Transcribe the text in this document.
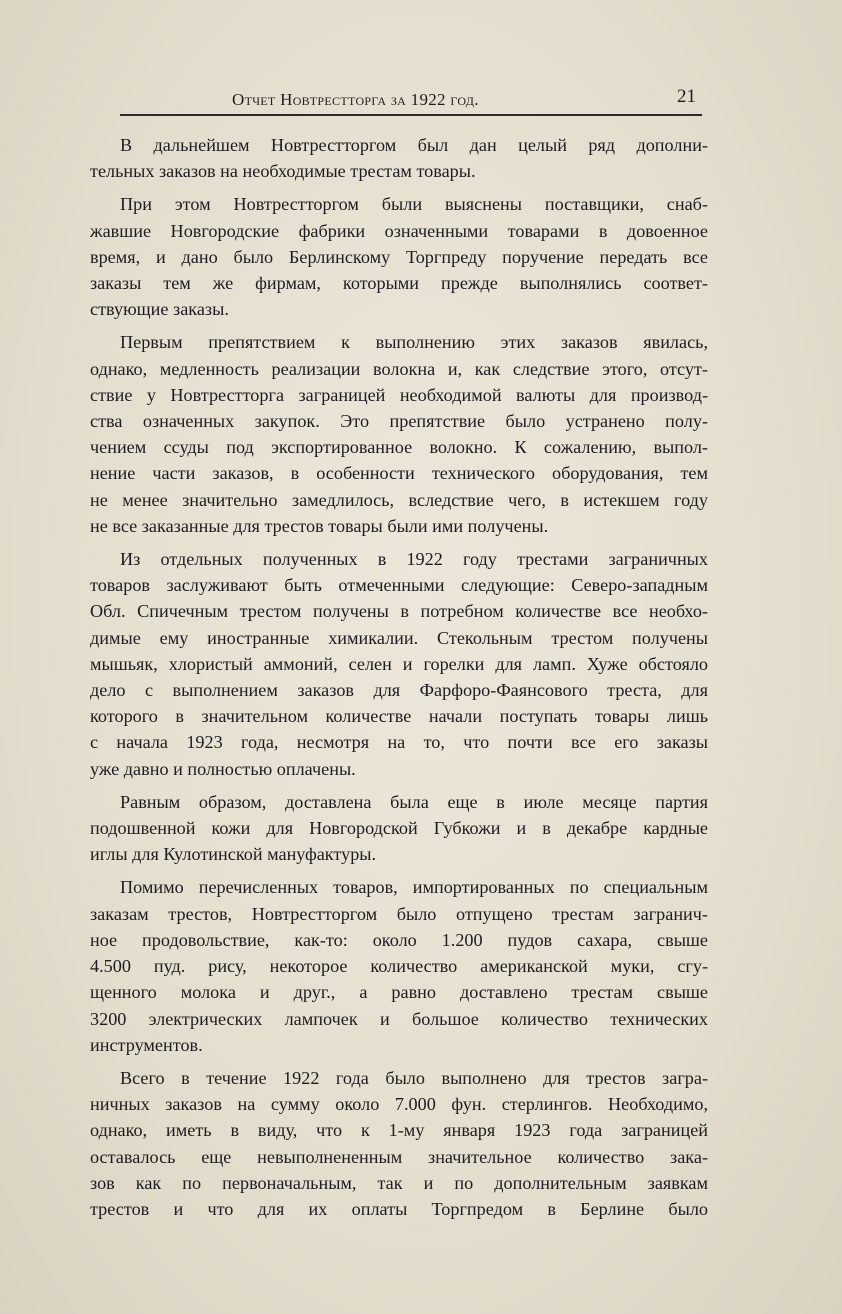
Отчет Новтрестторга за 1922 год.	21
В дальнейшем Новтрестторгом был дан целый ряд дополни-
тельных заказов на необходимые трестам товары.
При этом Новтрестторгом были выяснены поставщики, снаб-
жавшие Новгородские фабрики означенными товарами в довоенное
время, и дано было Берлинскому Торгпреду поручение передать все
заказы тем же фирмам, которыми прежде выполнялись соответ-
ствующие заказы.
Первым препятствием к выполнению этих заказов явилась,
однако, медленность реализации волокна и, как следствие этого, отсут-
ствие у Новтрестторга заграницей необходимой валюты для производ-
ства означенных закупок. Это препятствие было устранено полу-
чением ссуды под экспортированное волокно. К сожалению, выпол-
нение части заказов, в особенности технического оборудования, тем
не менее значительно замедлилось, вследствие чего, в истекшем году
не все заказанные для трестов товары были ими получены.
Из отдельных полученных в 1922 году трестами заграничных
товаров заслуживают быть отмеченными следующие: Северо-западным
Обл. Спичечным трестом получены в потребном количестве все необхо-
димые ему иностранные химикалии. Стекольным трестом получены
мышьяк, хлористый аммоний, селен и горелки для ламп. Хуже обстояло
дело с выполнением заказов для Фарфоро-Фаянсового треста, для
которого в значительном количестве начали поступать товары лишь
с начала 1923 года, несмотря на то, что почти все его заказы
уже давно и полностью оплачены.
Равным образом, доставлена была еще в июле месяце партия
подошвенной кожи для Новгородской Губкожи и в декабре кардные
иглы для Кулотинской мануфактуры.
Помимо перечисленных товаров, импортированных по специальным
заказам трестов, Новтрестторгом было отпущено трестам загранич-
ное продовольствие, как-то: около 1.200 пудов сахара, свыше
4.500 пуд. рису, некоторое количество американской муки, сгу-
щенного молока и друг., а равно доставлено трестам свыше
3200 электрических лампочек и большое количество технических
инструментов.
Всего в течение 1922 года было выполнено для трестов загра-
ничных заказов на сумму около 7.000 фун. стерлингов. Необходимо,
однако, иметь в виду, что к 1-му января 1923 года заграницей
оставалось еще невыполнененным значительное количество зака-
зов как по первоначальным, так и по дополнительным заявкам
трестов и что для их оплаты Торгпредом в Берлине было
